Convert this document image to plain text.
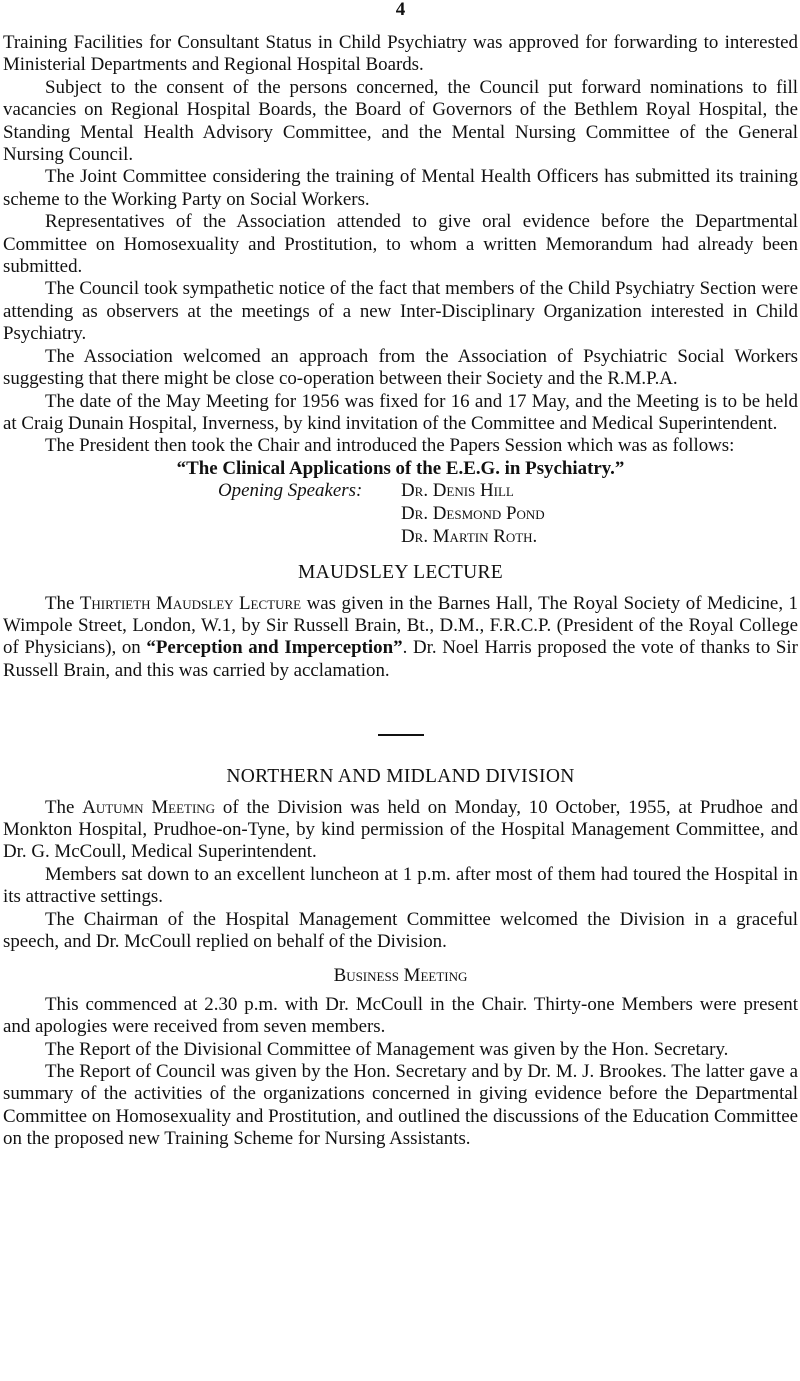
4

Training Facilities for Consultant Status in Child Psychiatry was approved for forwarding to interested Ministerial Departments and Regional Hospital Boards.

Subject to the consent of the persons concerned, the Council put forward nominations to fill vacancies on Regional Hospital Boards, the Board of Governors of the Bethlem Royal Hospital, the Standing Mental Health Advisory Committee, and the Mental Nursing Committee of the General Nursing Council.

The Joint Committee considering the training of Mental Health Officers has submitted its training scheme to the Working Party on Social Workers.

Representatives of the Association attended to give oral evidence before the Departmental Committee on Homosexuality and Prostitution, to whom a written Memorandum had already been submitted.

The Council took sympathetic notice of the fact that members of the Child Psychiatry Section were attending as observers at the meetings of a new Inter-Disciplinary Organization interested in Child Psychiatry.

The Association welcomed an approach from the Association of Psychiatric Social Workers suggesting that there might be close co-operation between their Society and the R.M.P.A.

The date of the May Meeting for 1956 was fixed for 16 and 17 May, and the Meeting is to be held at Craig Dunain Hospital, Inverness, by kind invitation of the Committee and Medical Superintendent.

The President then took the Chair and introduced the Papers Session which was as follows:

“The Clinical Applications of the E.E.G. in Psychiatry.”
Opening Speakers: Dr. Denis Hill
Dr. Desmond Pond
Dr. Martin Roth.
MAUDSLEY LECTURE

The Thirtieth Maudsley Lecture was given in the Barnes Hall, The Royal Society of Medicine, 1 Wimpole Street, London, W.1, by Sir Russell Brain, Bt., D.M., F.R.C.P. (President of the Royal College of Physicians), on “Perception and Imperception”. Dr. Noel Harris proposed the vote of thanks to Sir Russell Brain, and this was carried by acclamation.

NORTHERN AND MIDLAND DIVISION

The Autumn Meeting of the Division was held on Monday, 10 October, 1955, at Prudhoe and Monkton Hospital, Prudhoe-on-Tyne, by kind permission of the Hospital Management Committee, and Dr. G. McCoull, Medical Superintendent.

Members sat down to an excellent luncheon at 1 p.m. after most of them had toured the Hospital in its attractive settings.

The Chairman of the Hospital Management Committee welcomed the Division in a graceful speech, and Dr. McCoull replied on behalf of the Division.

Business Meeting

This commenced at 2.30 p.m. with Dr. McCoull in the Chair. Thirty-one Members were present and apologies were received from seven members.

The Report of the Divisional Committee of Management was given by the Hon. Secretary.

The Report of Council was given by the Hon. Secretary and by Dr. M. J. Brookes. The latter gave a summary of the activities of the organizations concerned in giving evidence before the Departmental Committee on Homosexuality and Prostitution, and outlined the discussions of the Education Committee on the proposed new Training Scheme for Nursing Assistants.
